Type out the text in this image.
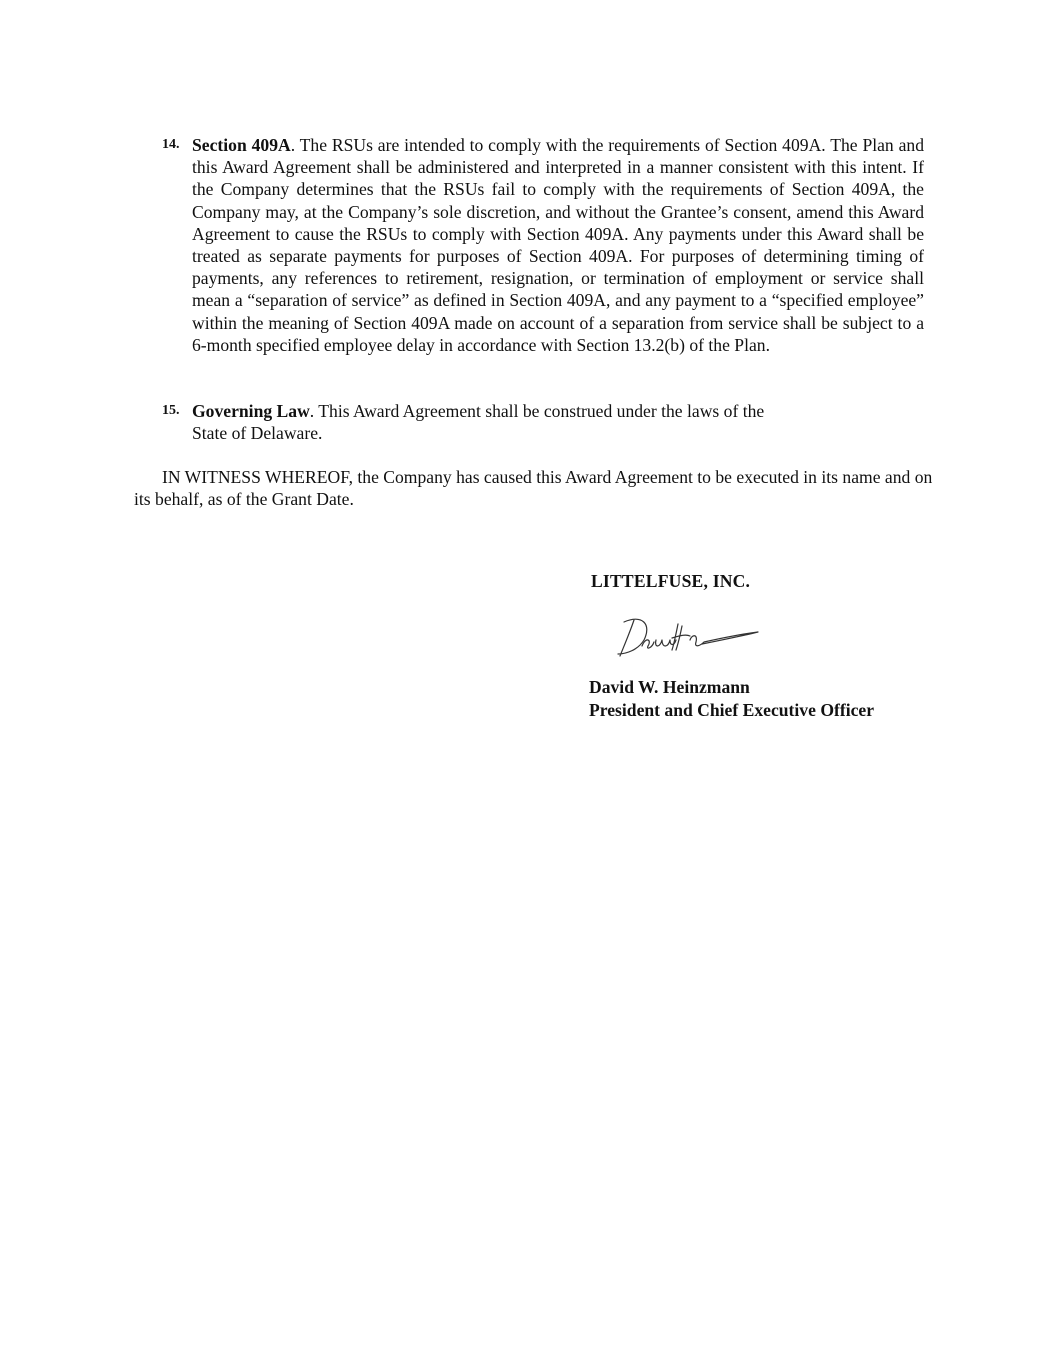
14. Section 409A. The RSUs are intended to comply with the requirements of Section 409A. The Plan and this Award Agreement shall be administered and interpreted in a manner consistent with this intent. If the Company determines that the RSUs fail to comply with the requirements of Section 409A, the Company may, at the Company’s sole discretion, and without the Grantee’s consent, amend this Award Agreement to cause the RSUs to comply with Section 409A. Any payments under this Award shall be treated as separate payments for purposes of Section 409A. For purposes of determining timing of payments, any references to retirement, resignation, or termination of employment or service shall mean a “separation of service” as defined in Section 409A, and any payment to a “specified employee” within the meaning of Section 409A made on account of a separation from service shall be subject to a 6-month specified employee delay in accordance with Section 13.2(b) of the Plan.
15. Governing Law. This Award Agreement shall be construed under the laws of the
State of Delaware.
IN WITNESS WHEREOF, the Company has caused this Award Agreement to be executed in its name and on its behalf, as of the Grant Date.
LITTELFUSE, INC.
David W. Heinzmann
President and Chief Executive Officer
